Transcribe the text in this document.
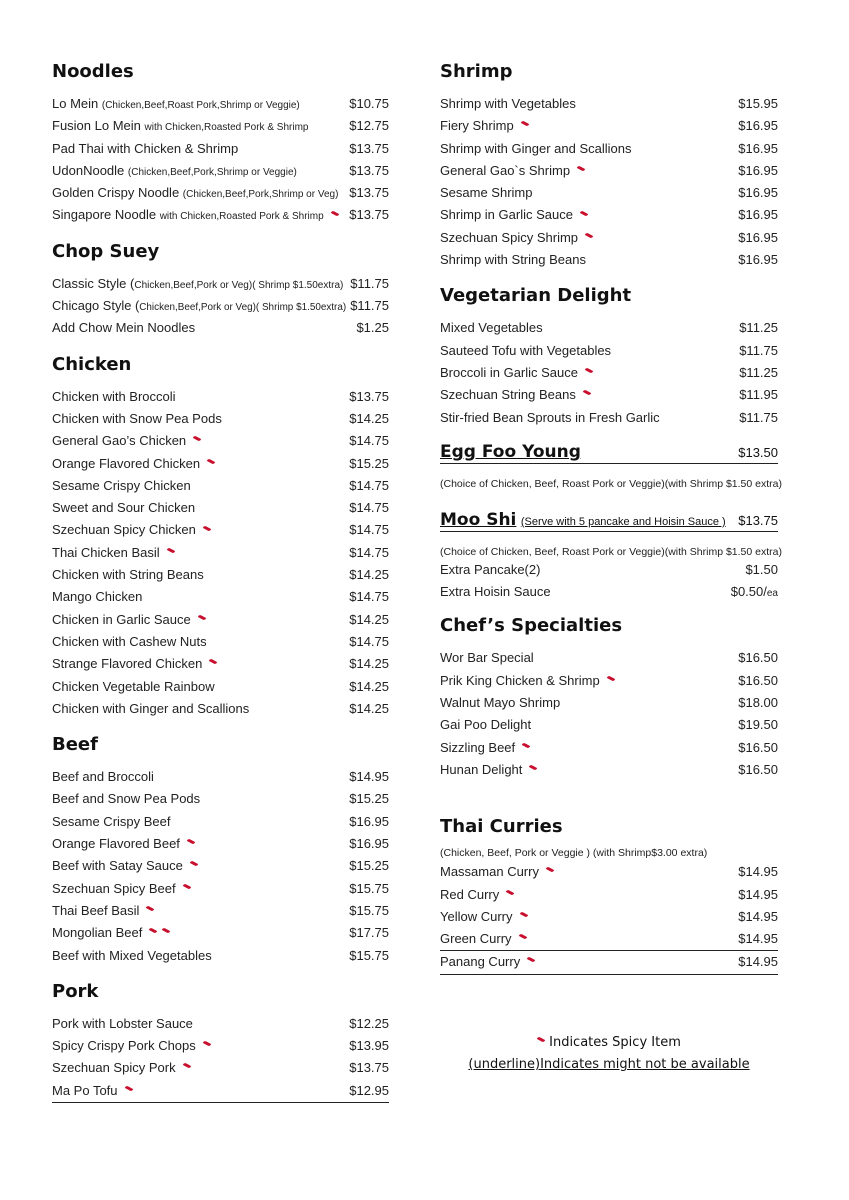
Noodles
Lo Mein (Chicken,Beef,Roast Pork,Shrimp or Veggie)	$10.75
Fusion Lo Mein with Chicken,Roasted Pork & Shrimp	$12.75
Pad Thai with Chicken & Shrimp	$13.75
UdonNoodle (Chicken,Beef,Pork,Shrimp or Veggie)	$13.75
Golden Crispy Noodle (Chicken,Beef,Pork,Shrimp or Veg) $13.75
Singapore Noodle with Chicken,Roasted Pork & Shrimp	$13.75
Chop Suey
Classic Style (Chicken,Beef,Pork or Veg)( Shrimp $1.50extra) $11.75
Chicago Style (Chicken,Beef,Pork or Veg)( Shrimp $1.50extra) $11.75
Add Chow Mein Noodles	$1.25
Chicken
Chicken with Broccoli	$13.75
Chicken with Snow Pea Pods	$14.25
General Gao’s Chicken	$14.75
Orange Flavored Chicken	$15.25
Sesame Crispy Chicken	$14.75
Sweet and Sour Chicken	$14.75
Szechuan Spicy Chicken	$14.75
Thai Chicken Basil	$14.75
Chicken with String Beans	$14.25
Mango Chicken	$14.75
Chicken in Garlic Sauce	$14.25
Chicken with Cashew Nuts	$14.75
Strange Flavored Chicken	$14.25
Chicken Vegetable Rainbow	$14.25
Chicken with Ginger and Scallions	$14.25
Beef
Beef and Broccoli	$14.95
Beef and Snow Pea Pods	$15.25
Sesame Crispy Beef	$16.95
Orange Flavored Beef	$16.95
Beef with Satay Sauce	$15.25
Szechuan Spicy Beef	$15.75
Thai Beef Basil	$15.75
Mongolian Beef	$17.75
Beef with Mixed Vegetables	$15.75
Pork
Pork with Lobster Sauce	$12.25
Spicy Crispy Pork Chops	$13.95
Szechuan Spicy Pork	$13.75
Ma Po Tofu	$12.95
Shrimp
Shrimp with Vegetables	$15.95
Fiery Shrimp	$16.95
Shrimp with Ginger and Scallions	$16.95
General Gao`s Shrimp	$16.95
Sesame Shrimp	$16.95
Shrimp in Garlic Sauce	$16.95
Szechuan Spicy Shrimp	$16.95
Shrimp with String Beans	$16.95
Vegetarian Delight
Mixed Vegetables	$11.25
Sauteed Tofu with Vegetables	$11.75
Broccoli in Garlic Sauce	$11.25
Szechuan String Beans	$11.95
Stir-fried Bean Sprouts in Fresh Garlic	$11.75
Egg Foo Young	$13.50
(Choice of Chicken, Beef, Roast Pork or Veggie)(with Shrimp $1.50 extra)
Moo Shi (Serve with 5 pancake and Hoisin Sauce ) $13.75
(Choice of Chicken, Beef, Roast Pork or Veggie)(with Shrimp $1.50 extra)
Extra Pancake(2)	$1.50
Extra Hoisin Sauce	$0.50/ea
Chef’s Specialties
Wor Bar Special	$16.50
Prik King Chicken & Shrimp	$16.50
Walnut Mayo Shrimp	$18.00
Gai Poo Delight	$19.50
Sizzling Beef	$16.50
Hunan Delight	$16.50
Thai Curries
(Chicken, Beef, Pork or Veggie ) (with Shrimp$3.00 extra)
Massaman Curry	$14.95
Red Curry	$14.95
Yellow Curry	$14.95
Green Curry	$14.95
Panang Curry	$14.95
Indicates Spicy Item
(underline)Indicates might not be available
